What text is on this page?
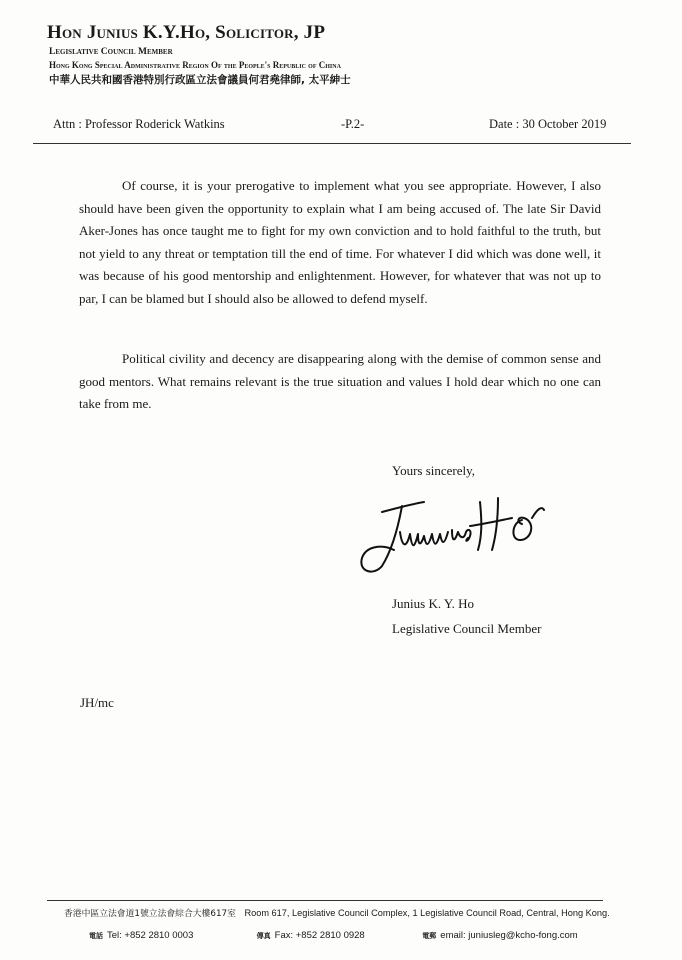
Hon Junius K.Y.Ho, Solicitor, JP
Legislative Council Member
Hong Kong Special Administrative Region Of the People's Republic of China
中華人民共和國香港特別行政區立法會議員何君堯律師, 太平紳士
Attn : Professor Roderick Watkins	-P.2-	Date : 30 October 2019
Of course, it is your prerogative to implement what you see appropriate. However, I also should have been given the opportunity to explain what I am being accused of. The late Sir David Aker-Jones has once taught me to fight for my own conviction and to hold faithful to the truth, but not yield to any threat or temptation till the end of time. For whatever I did which was done well, it was because of his good mentorship and enlightenment. However, for whatever that was not up to par, I can be blamed but I should also be allowed to defend myself.
Political civility and decency are disappearing along with the demise of common sense and good mentors. What remains relevant is the true situation and values I hold dear which no one can take from me.
Yours sincerely,
Junius K. Y. Ho
Legislative Council Member
JH/mc
香港中區立法會道1號立法會綜合大樓617室 Room 617, Legislative Council Complex, 1 Legislative Council Road, Central, Hong Kong.
電話 Tel: +852 2810 0003	傳真 Fax: +852 2810 0928	電郵 email: juniusleg@kcho-fong.com
